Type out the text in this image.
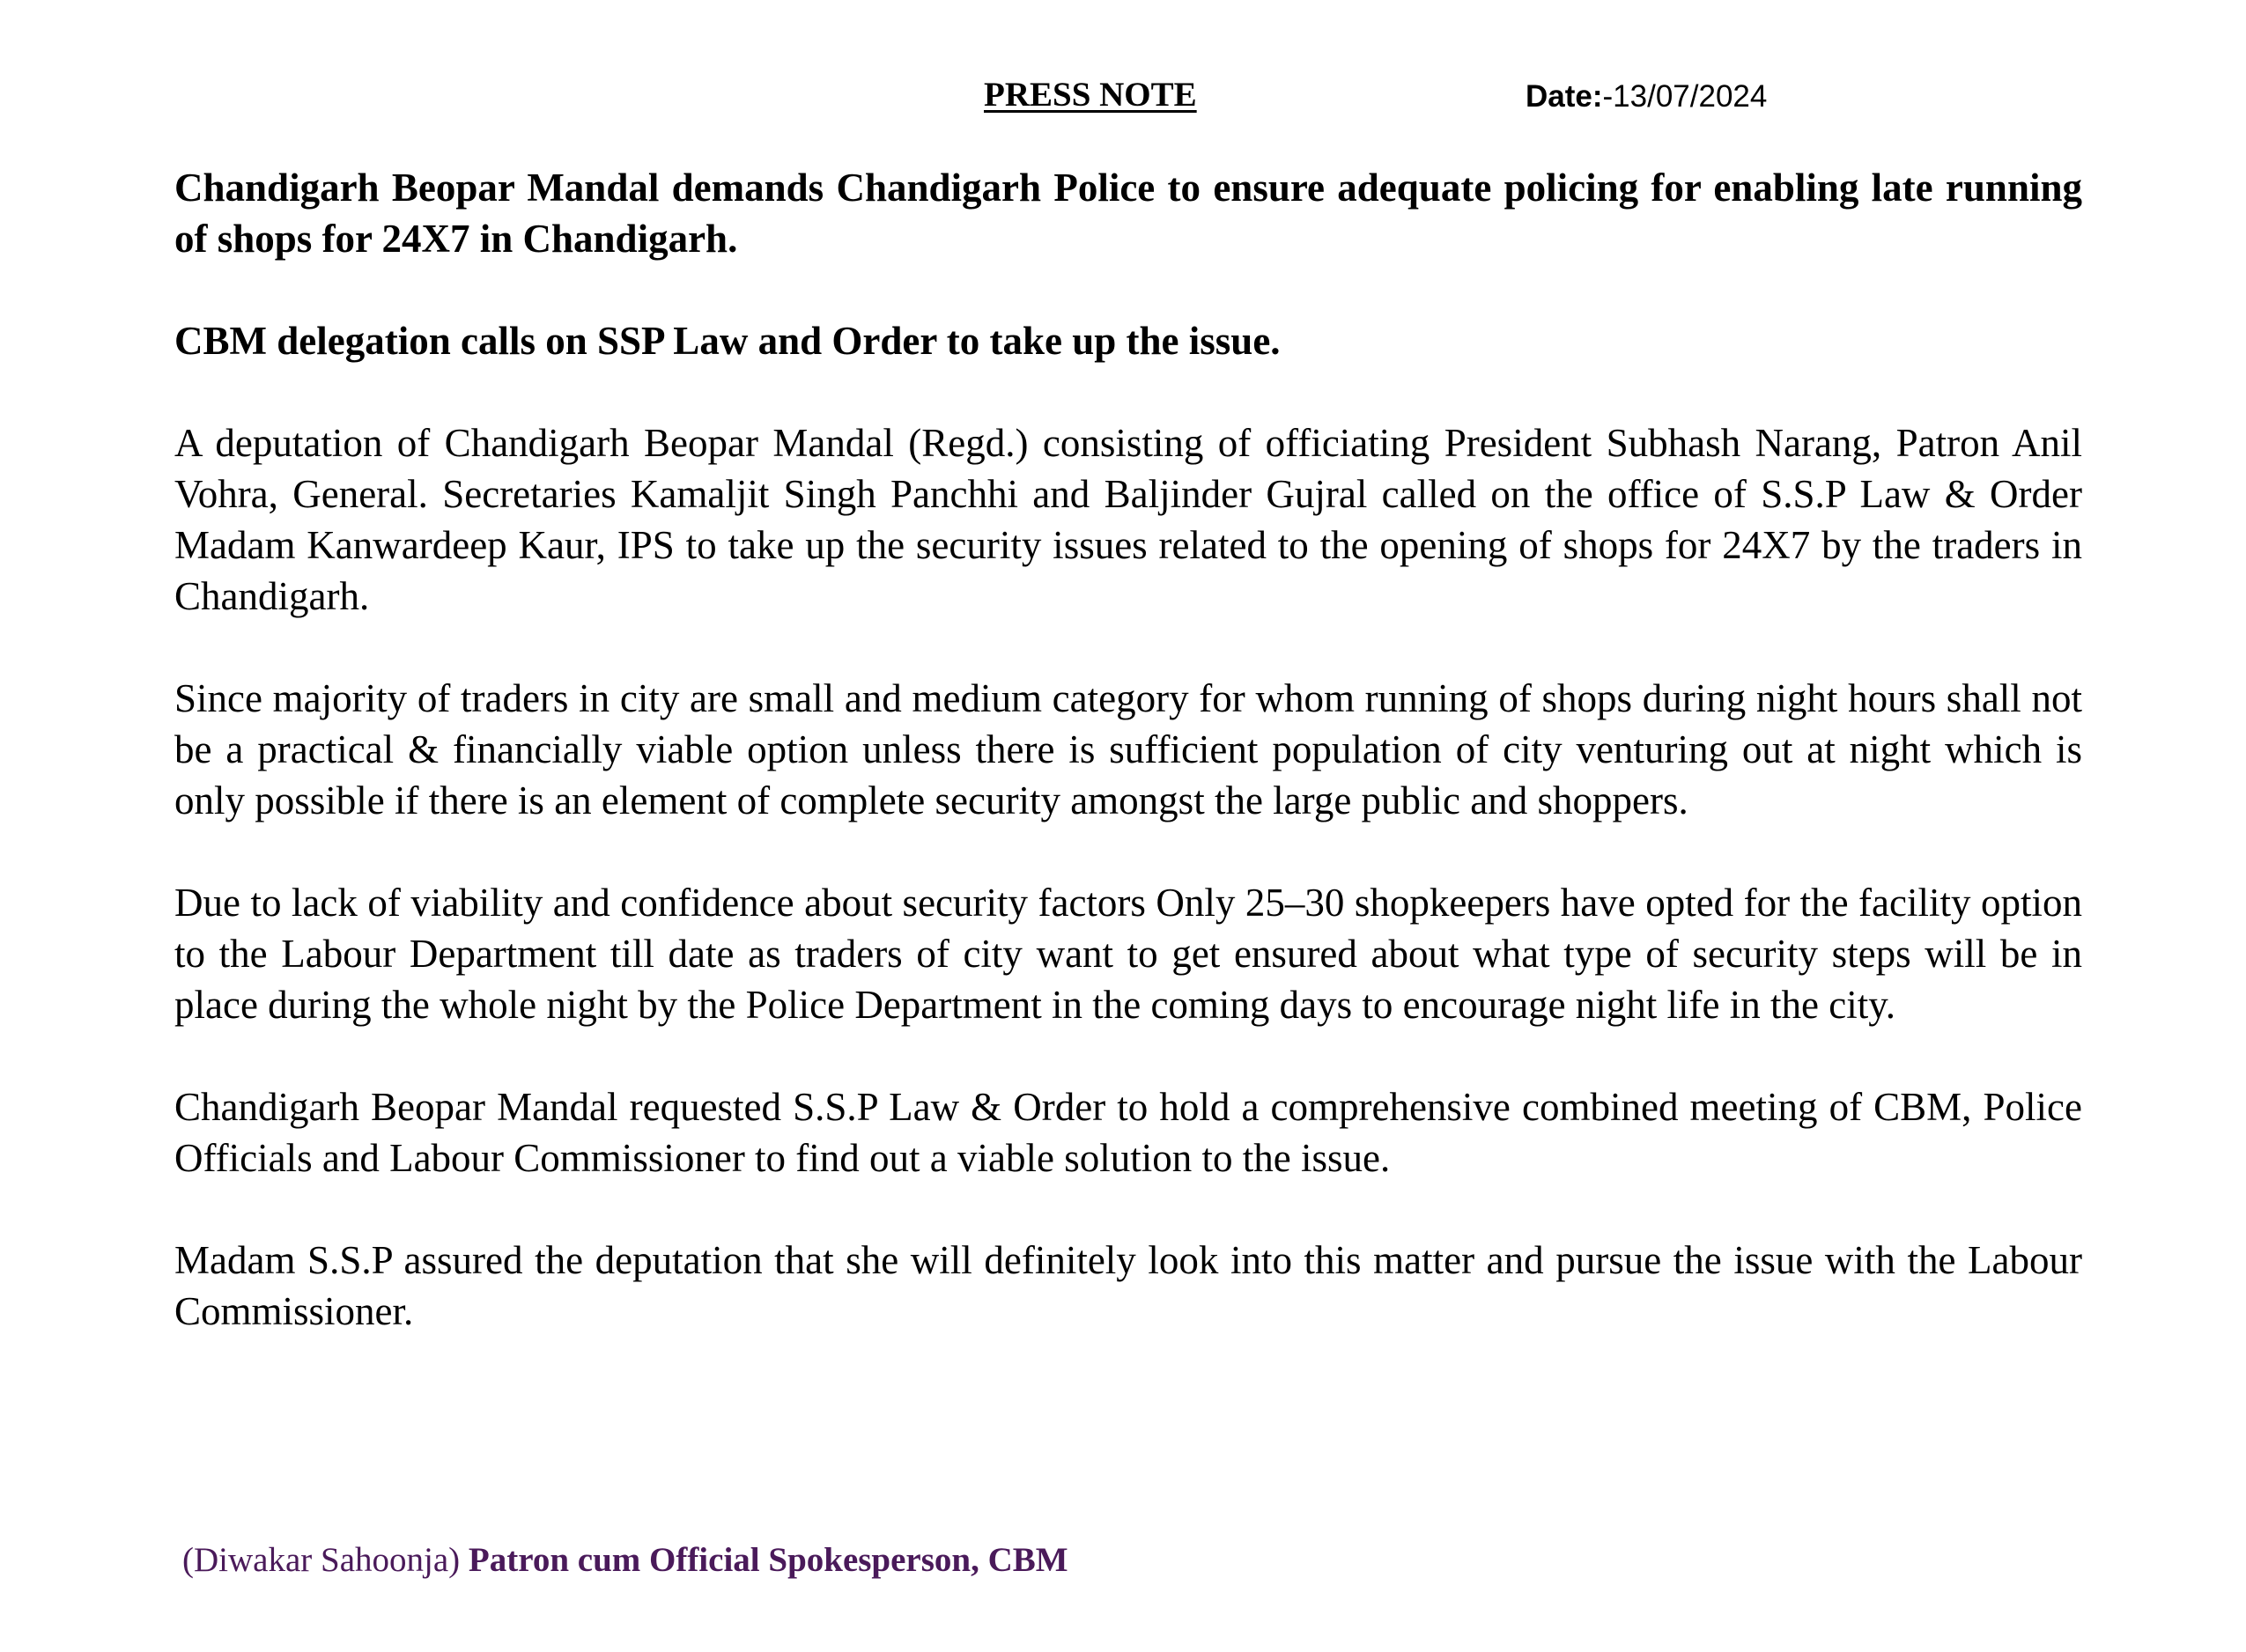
PRESS NOTE	Date:-13/07/2024

Chandigarh Beopar Mandal demands Chandigarh Police to ensure adequate policing for enabling late running of shops for 24X7 in Chandigarh.

CBM delegation calls on SSP Law and Order to take up the issue.

A deputation of Chandigarh Beopar Mandal (Regd.) consisting of officiating President Subhash Narang, Patron Anil Vohra, General. Secretaries Kamaljit Singh Panchhi and Baljinder Gujral called on the office of S.S.P Law & Order Madam Kanwardeep Kaur, IPS to take up the security issues related to the opening of shops for 24X7 by the traders in Chandigarh.

Since majority of traders in city are small and medium category for whom running of shops during night hours shall not be a practical & financially viable option unless there is sufficient population of city venturing out at night which is only possible if there is an element of complete security amongst the large public and shoppers.

Due to lack of viability and confidence about security factors Only 25–30 shopkeepers have opted for the facility option to the Labour Department till date as traders of city want to get ensured about what type of security steps will be in place during the whole night by the Police Department in the coming days to encourage night life in the city.

Chandigarh Beopar Mandal requested S.S.P Law & Order to hold a comprehensive combined meeting of CBM, Police Officials and Labour Commissioner to find out a viable solution to the issue.

Madam S.S.P assured the deputation that she will definitely look into this matter and pursue the issue with the Labour Commissioner.

(Diwakar Sahoonja) Patron cum Official Spokesperson, CBM
